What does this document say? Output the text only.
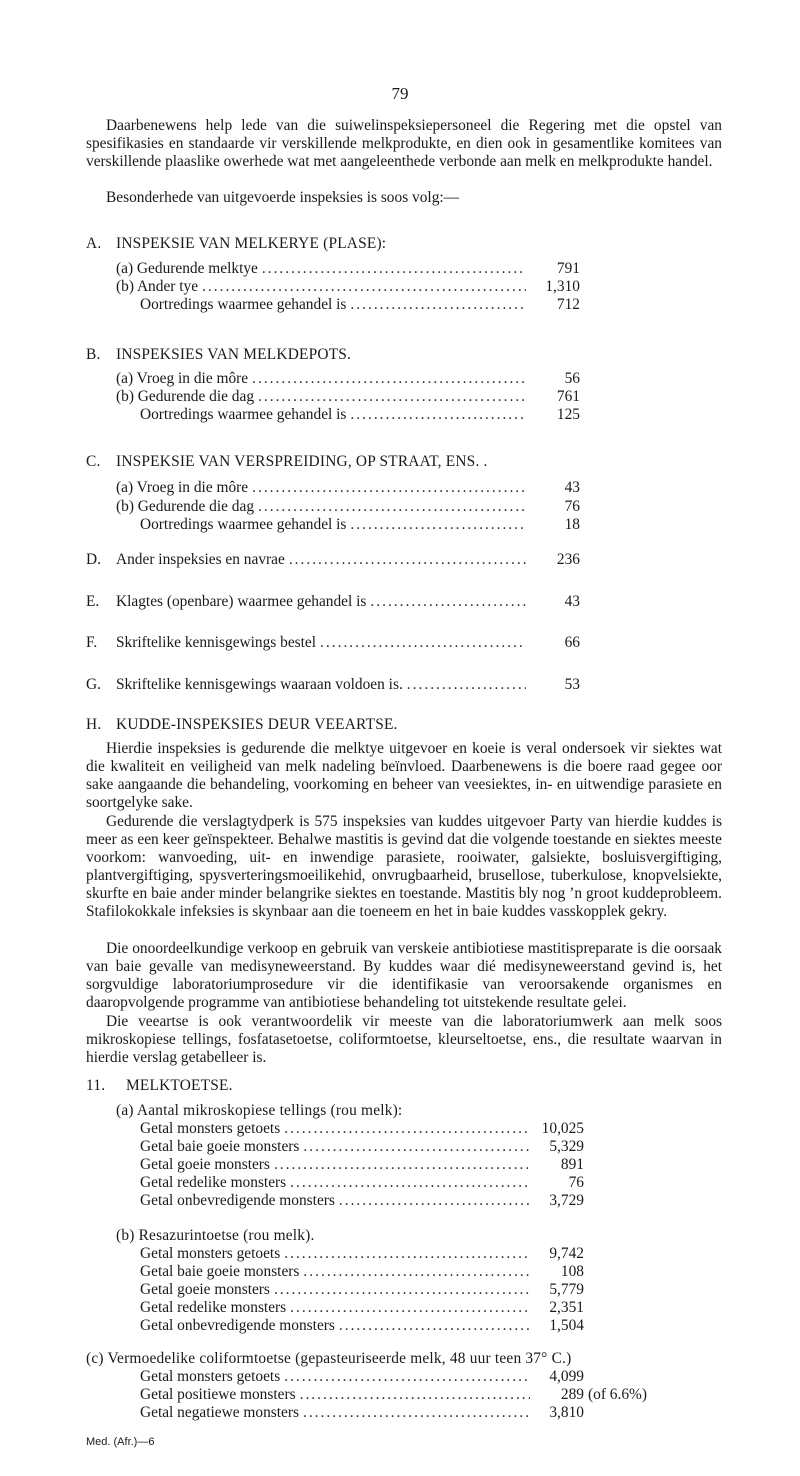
79
Daarbenewens help lede van die suiwelinspeksiepersoneel die Regering met die opstel van spesifikasies en standaarde vir verskillende melkprodukte, en dien ook in gesamentlike komitees van verskillende plaaslike owerhede wat met aangeleenthede verbonde aan melk en melkprodukte handel.
Besonderhede van uitgevoerde inspeksies is soos volg:—
A. INSPEKSIE VAN MELKERYE (PLASE):
(a) Gedurende melktye .....	791
(b) Ander tye .....	1,310
Oortredings waarmee gehandel is .....	712
B. INSPEKSIES VAN MELKDEPOTS.
(a) Vroeg in die môre .....	56
(b) Gedurende die dag .....	761
Oortredings waarmee gehandel is .....	125
C. INSPEKSIE VAN VERSPREIDING, OP STRAAT, ENS. .
(a) Vroeg in die môre .....	43
(b) Gedurende die dag .....	76
Oortredings waarmee gehandel is .....	18
D. Ander inspeksies en navrae .....	236
E.	Klagtes (openbare) waarmee gehandel is .....	43
F.	Skriftelike kennisgewings bestel .....	66
G. Skriftelike kennisgewings waaraan voldoen is. .....	53
H. KUDDE-INSPEKSIES DEUR VEEARTSE.
Hierdie inspeksies is gedurende die melktye uitgevoer en koeie is veral ondersoek vir siektes wat die kwaliteit en veiligheid van melk nadeling beïnvloed. Daarbenewens is die boere raad gegee oor sake aangaande die behandeling, voorkoming en beheer van veesiektes, in- en uitwendige parasiete en soortgelyke sake.
Gedurende die verslagtydperk is 575 inspeksies van kuddes uitgevoer Party van hierdie kuddes is meer as een keer geïnspekteer. Behalwe mastitis is gevind dat die volgende toestande en siektes meeste voorkom: wanvoeding, uit- en inwendige parasiete, rooiwater, galsiekte, bosluisvergiftiging, plantvergiftiging, spysverteringsmoeilikehid, onvrugbaarheid, brusellose, tuberkulose, knopvelsiekte, skurfte en baie ander minder belangrike siektes en toestande. Mastitis bly nog ’n groot kuddeprobleem. Stafilokokkale infeksies is skynbaar aan die toeneem en het in baie kuddes vasskopplek gekry.
Die onoordeelkundige verkoop en gebruik van verskeie antibiotiese mastitispreparate is die oorsaak van baie gevalle van medisyneweerstand. By kuddes waar dié medisyneweerstand gevind is, het sorgvuldige laboratoriumprosedure vir die identifikasie van veroorsakende organismes en daaropvolgende programme van antibiotiese behandeling tot uitstekende resultate gelei.
Die veeartse is ook verantwoordelik vir meeste van die laboratoriumwerk aan melk soos mikroskopiese tellings, fosfatasetoetse, coliformtoetse, kleurseltoetse, ens., die resultate waarvan in hierdie verslag getabelleer is.
11. MELKTOETSE.
(a) Aantal mikroskopiese tellings (rou melk):
Getal monsters getoets .....	10,025
Getal baie goeie monsters .....	5,329
Getal goeie monsters .....	891
Getal redelike monsters .....	76
Getal onbevredigende monsters .....	3,729
(b) Resazurintoetse (rou melk).
Getal monsters getoets .....	9,742
Getal baie goeie monsters .....	108
Getal goeie monsters .....	5,779
Getal redelike monsters .....	2,351
Getal onbevredigende monsters .....	1,504
(c) Vermoedelike coliformtoetse (gepasteuriseerde melk, 48 uur teen 37° C.)
Getal monsters getoets .....	4,099
Getal positiewe monsters .....	289 (of 6.6%)
Getal negatiewe monsters .....	3,810
Med. (Afr.)—6
